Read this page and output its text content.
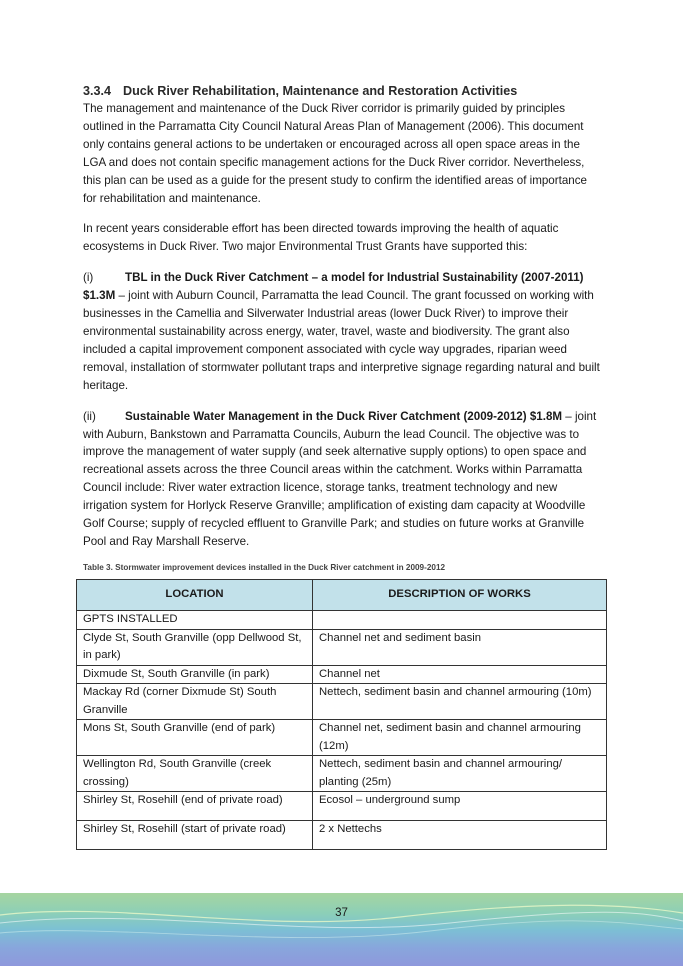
3.3.4 Duck River Rehabilitation, Maintenance and Restoration Activities

The management and maintenance of the Duck River corridor is primarily guided by principles outlined in the Parramatta City Council Natural Areas Plan of Management (2006). This document only contains general actions to be undertaken or encouraged across all open space areas in the LGA and does not contain specific management actions for the Duck River corridor. Nevertheless, this plan can be used as a guide for the present study to confirm the identified areas of importance for rehabilitation and maintenance.

In recent years considerable effort has been directed towards improving the health of aquatic ecosystems in Duck River. Two major Environmental Trust Grants have supported this:

(i)	TBL in the Duck River Catchment – a model for Industrial Sustainability (2007-2011) $1.3M – joint with Auburn Council, Parramatta the lead Council. The grant focussed on working with businesses in the Camellia and Silverwater Industrial areas (lower Duck River) to improve their environmental sustainability across energy, water, travel, waste and biodiversity. The grant also included a capital improvement component associated with cycle way upgrades, riparian weed removal, installation of stormwater pollutant traps and interpretive signage regarding natural and built heritage.

(ii)	Sustainable Water Management in the Duck River Catchment (2009-2012) $1.8M – joint with Auburn, Bankstown and Parramatta Councils, Auburn the lead Council. The objective was to improve the management of water supply (and seek alternative supply options) to open space and recreational assets across the three Council areas within the catchment. Works within Parramatta Council include: River water extraction licence, storage tanks, treatment technology and new irrigation system for Horlyck Reserve Granville; amplification of existing dam capacity at Woodville Golf Course; supply of recycled effluent to Granville Park; and studies on future works at Granville Pool and Ray Marshall Reserve.

Table 3. Stormwater improvement devices installed in the Duck River catchment in 2009-2012
LOCATION	DESCRIPTION OF WORKS
GPTS INSTALLED	
Clyde St, South Granville (opp Dellwood St, in park)	Channel net and sediment basin
Dixmude St, South Granville (in park)	Channel net
Mackay Rd (corner Dixmude St) South Granville	Nettech, sediment basin and channel armouring (10m)
Mons St, South Granville (end of park)	Channel net, sediment basin and channel armouring (12m)
Wellington Rd, South Granville (creek crossing)	Nettech, sediment basin and channel armouring/ planting (25m)
Shirley St, Rosehill (end of private road)	Ecosol – underground sump
Shirley St, Rosehill (start of private road)	2 x Nettechs
37
